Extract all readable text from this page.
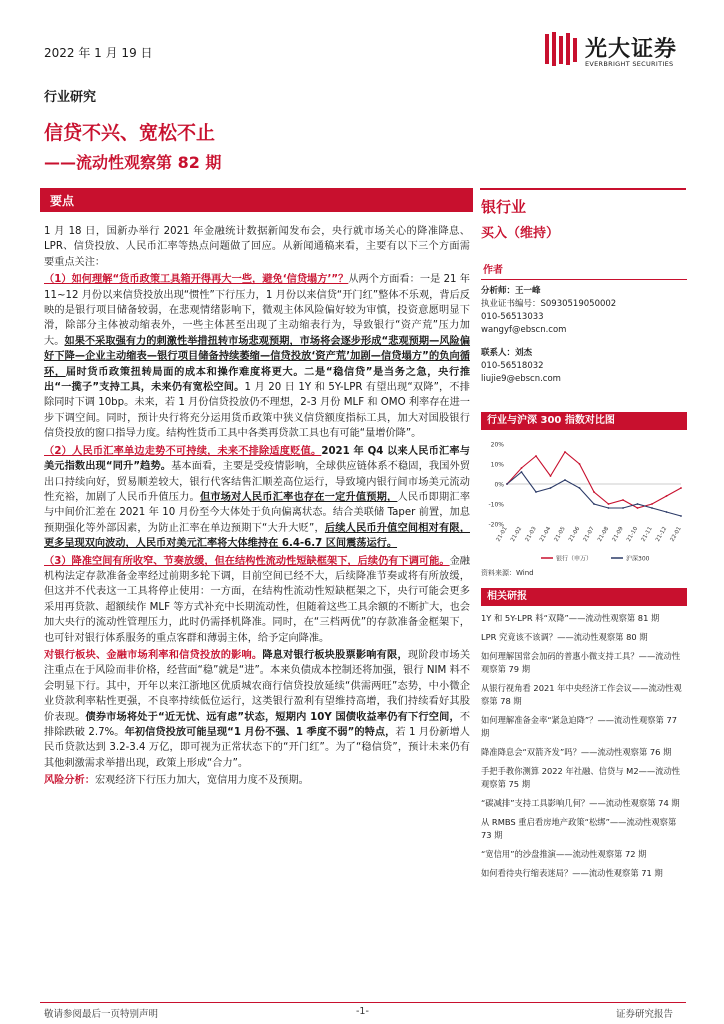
2022 年 1 月 19 日	光大证券
EVERBRIGHT SECURITIES
行业研究
信贷不兴、宽松不止
——流动性观察第 82 期
要点

1 月 18 日，国新办举行 2021 年金融统计数据新闻发布会，央行就市场关心的降准降息、LPR、信贷投放、人民币汇率等热点问题做了回应。从新闻通稿来看，主要有以下三个方面需要重点关注：

（1）如何理解“货币政策工具箱开得再大一些，避免‘信贷塌方’”？从两个方面看：一是 21 年 11~12 月份以来信贷投放出现“惯性”下行压力，1 月份以来信贷“开门红”整体不乐观，背后反映的是银行项目储备较弱，在悲观情绪影响下，微观主体风险偏好较为审慎，投资意愿明显下滑，除部分主体被动缩表外，一些主体甚至出现了主动缩表行为，导致银行“资产荒”压力加大。如果不采取强有力的刺激性举措扭转市场悲观预期，市场将会逐步形成“悲观预期—风险偏好下降—企业主动缩表—银行项目储备持续萎缩—信贷投放‘资产荒’加剧—信贷塌方”的负向循环，届时货币政策扭转局面的成本和操作难度将更大。二是“稳信贷”是当务之急，央行推出“一揽子”支持工具，未来仍有宽松空间。1 月 20 日 1Y 和 5Y-LPR 有望出现“双降”，不排除同时下调 10bp。未来，若 1 月份信贷投放仍不理想，2-3 月份 MLF 和 OMO 利率存在进一步下调空间。同时，预计央行将充分运用货币政策中狭义信贷额度指标工具，加大对国股银行信贷投放的窗口指导力度。结构性货币工具中各类再贷款工具也有可能“量增价降”。

（2）人民币汇率单边走势不可持续，未来不排除适度贬值。2021 年 Q4 以来人民币汇率与美元指数出现“同升”趋势。基本面看，主要是受疫情影响，全球供应链体系不稳固，我国外贸出口持续向好，贸易顺差较大，银行代客结售汇顺差高位运行，导致境内银行间市场美元流动性充裕，加剧了人民币升值压力。但市场对人民币汇率也存在一定升值预期，人民币即期汇率与中间价汇差在 2021 年 10 月份至今大体处于负向偏离状态。结合美联储 Taper 前置，加息预期强化等外部因素，为防止汇率在单边预期下“大升大贬”，后续人民币升值空间相对有限，更多呈现双向波动，人民币对美元汇率将大体维持在 6.4-6.7 区间震荡运行。

（3）降准空间有所收窄、节奏放缓，但在结构性流动性短缺框架下，后续仍有下调可能。金融机构法定存款准备金率经过前期多轮下调，目前空间已经不大，后续降准节奏或将有所放缓，但这并不代表这一工具将停止使用：一方面，在结构性流动性短缺框架之下，央行可能会更多采用再贷款、超额续作 MLF 等方式补充中长期流动性，但随着这些工具余额的不断扩大，也会加大央行的流动性管理压力，此时仍需择机降准。同时，在“三档两优”的存款准备金框架下，也可针对银行体系服务的重点客群和薄弱主体，给予定向降准。

对银行板块、金融市场利率和信贷投放的影响。降息对银行板块股票影响有限，现阶段市场关注重点在于风险而非价格，经营面“稳”就是“进”。本来负债成本控制还将加强，银行 NIM 料不会明显下行。其中，开年以来江浙地区优质城农商行信贷投放延续“供需两旺”态势，中小微企业贷款利率粘性更强，不良率持续低位运行，这类银行盈利有望维持高增，我们持续看好其股价表现。债券市场将处于“近无忧、远有虑”状态，短期内 10Y 国债收益率仍有下行空间，不排除跌破 2.7%。年初信贷投放可能呈现“1 月份不强、1 季度不弱”的特点，若 1 月份新增人民币贷款达到 3.2-3.4 万亿，即可视为正常状态下的“开门红”。为了“稳信贷”，预计未来仍有其他刺激需求举措出现，政策上形成“合力”。

风险分析：宏观经济下行压力加大，宽信用力度不及预期。

银行业
买入（维持）
作者
分析师：王一峰
执业证书编号：S0930519050002
010-56513033
wangyf@ebscn.com
联系人：刘杰
010-56518032
liujie9@ebscn.com
行业与沪深 300 指数对比图
20%
10%
0%
-10%
-20%
21-01 21-02 21-03 21-04 21-05 21-06 21-07 21-08 21-09 21-10 21-11 21-12 22-01
银行（申万）	沪深300
资料来源：Wind
相关研报
1Y 和 5Y-LPR 料“双降”——流动性观察第 81 期
LPR 究竟该不该调？——流动性观察第 80 期
如何理解国常会加码的普惠小微支持工具？——流动性观察第 79 期
从银行视角看 2021 年中央经济工作会议——流动性观察第 78 期
如何理解准备金率“紧急迫降”？——流动性观察第 77 期
降准降息会“双箭齐发”吗？——流动性观察第 76 期
手把手教你测算 2022 年社融、信贷与 M2——流动性观察第 75 期
“碳减排”支持工具影响几何？——流动性观察第 74 期
从 RMBS 重启看房地产政策“松绑”——流动性观察第 73 期
“宽信用”的沙盘推演——流动性观察第 72 期
如何看待央行缩表迷局？——流动性观察第 71 期
敬请参阅最后一页特别声明	-1-	证券研究报告
